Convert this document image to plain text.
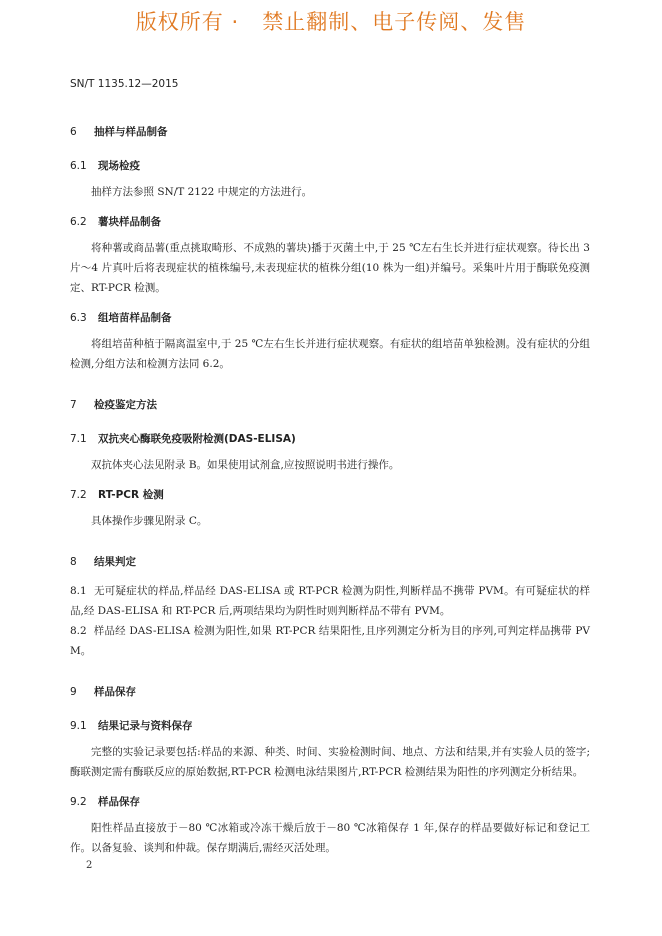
版权所有 ·   禁止翻制、电子传阅、发售
SN/T 1135.12—2015
6 抽样与样品制备
6.1 现场检疫

抽样方法参照 SN/T 2122 中规定的方法进行。

6.2 薯块样品制备

将种薯或商品薯(重点挑取畸形、不成熟的薯块)播于灭菌土中,于 25 ℃左右生长并进行症状观察。待长出 3 片～4 片真叶后将表现症状的植株编号,未表现症状的植株分组(10 株为一组)并编号。采集叶片用于酶联免疫测定、RT-PCR 检测。

6.3 组培苗样品制备

将组培苗种植于隔离温室中,于 25 ℃左右生长并进行症状观察。有症状的组培苗单独检测。没有症状的分组检测,分组方法和检测方法同 6.2。

7 检疫鉴定方法
7.1 双抗夹心酶联免疫吸附检测(DAS-ELISA)

双抗体夹心法见附录 B。如果使用试剂盒,应按照说明书进行操作。

7.2 RT-PCR 检测

具体操作步骤见附录 C。

8 结果判定

8.1 无可疑症状的样品,样品经 DAS-ELISA 或 RT-PCR 检测为阴性,判断样品不携带 PVM。有可疑症状的样品,经 DAS-ELISA 和 RT-PCR 后,两项结果均为阴性时则判断样品不带有 PVM。

8.2 样品经 DAS-ELISA 检测为阳性,如果 RT-PCR 结果阳性,且序列测定分析为目的序列,可判定样品携带 PVM。

9 样品保存
9.1 结果记录与资料保存

完整的实验记录要包括:样品的来源、种类、时间、实验检测时间、地点、方法和结果,并有实验人员的签字;酶联测定需有酶联反应的原始数据,RT-PCR 检测电泳结果图片,RT-PCR 检测结果为阳性的序列测定分析结果。

9.2 样品保存

阳性样品直接放于－80 ℃冰箱或冷冻干燥后放于－80 ℃冰箱保存 1 年,保存的样品要做好标记和登记工作。以备复验、谈判和仲裁。保存期满后,需经灭活处理。

2
